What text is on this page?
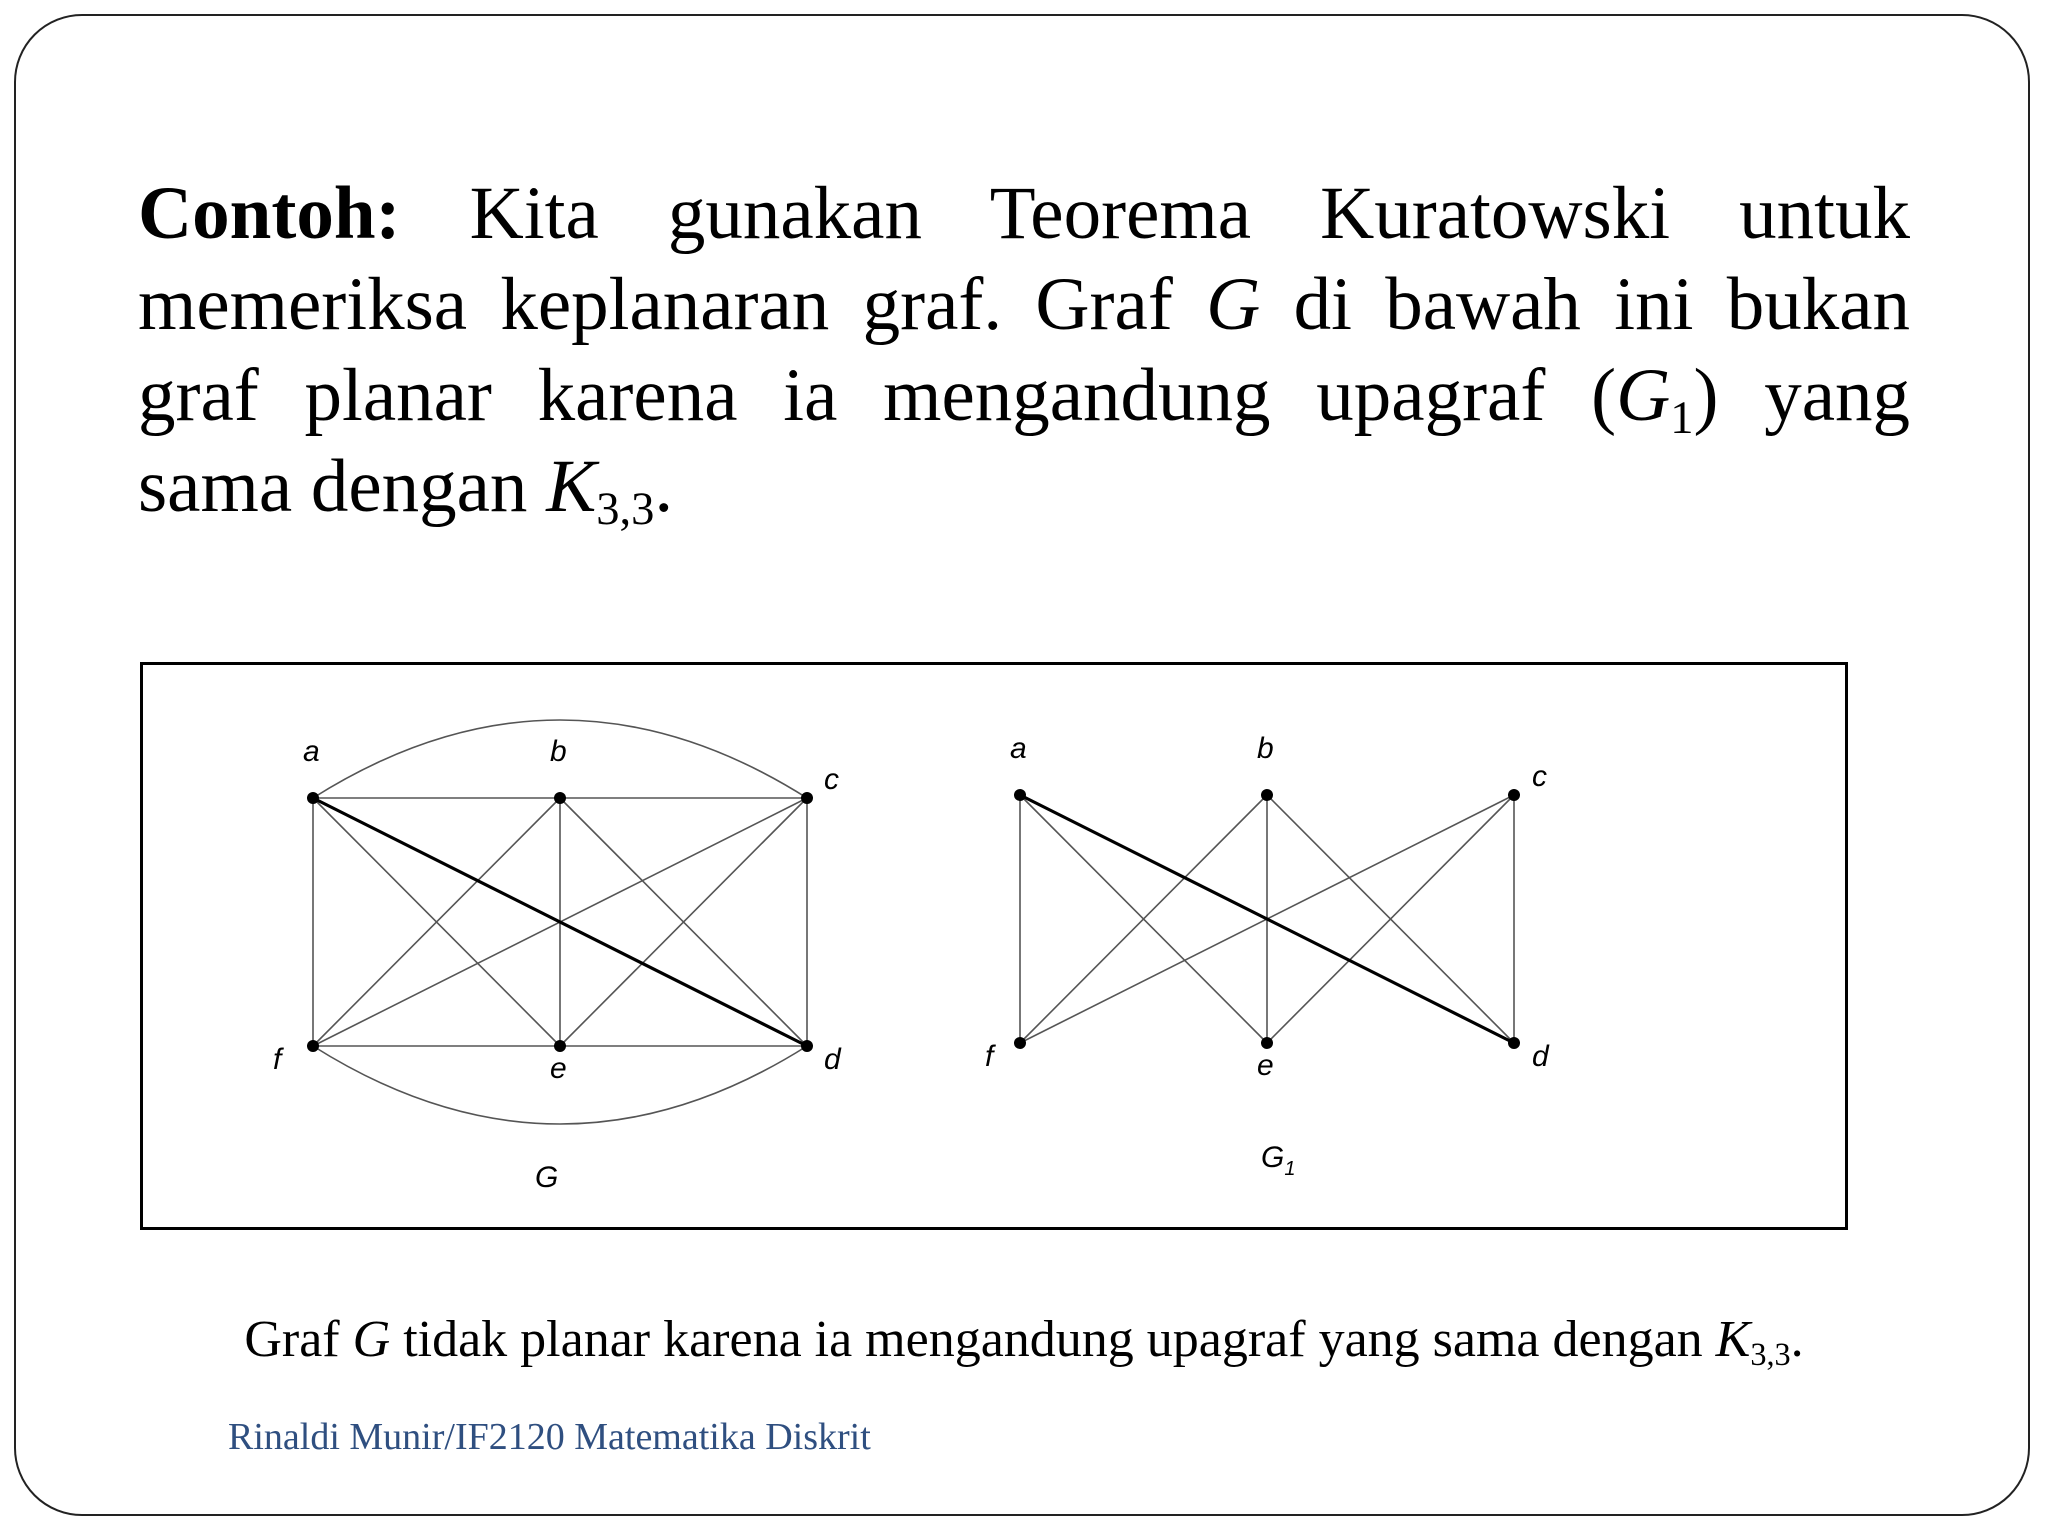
Contoh: Kita gunakan Teorema Kuratowski untuk
memeriksa keplanaran graf. Graf G di bawah ini bukan
graf planar karena ia mengandung upagraf $(G_1)$ yang
sama dengan $K_{3,3}$.
a	b
c
d
e
f
G
a	b
c
d
e
f
$G_1$
Graf G tidak planar karena ia mengandung upagraf yang sama dengan $K_{3,3}$.
Rinaldi Munir/IF2120 Matematika Diskrit
